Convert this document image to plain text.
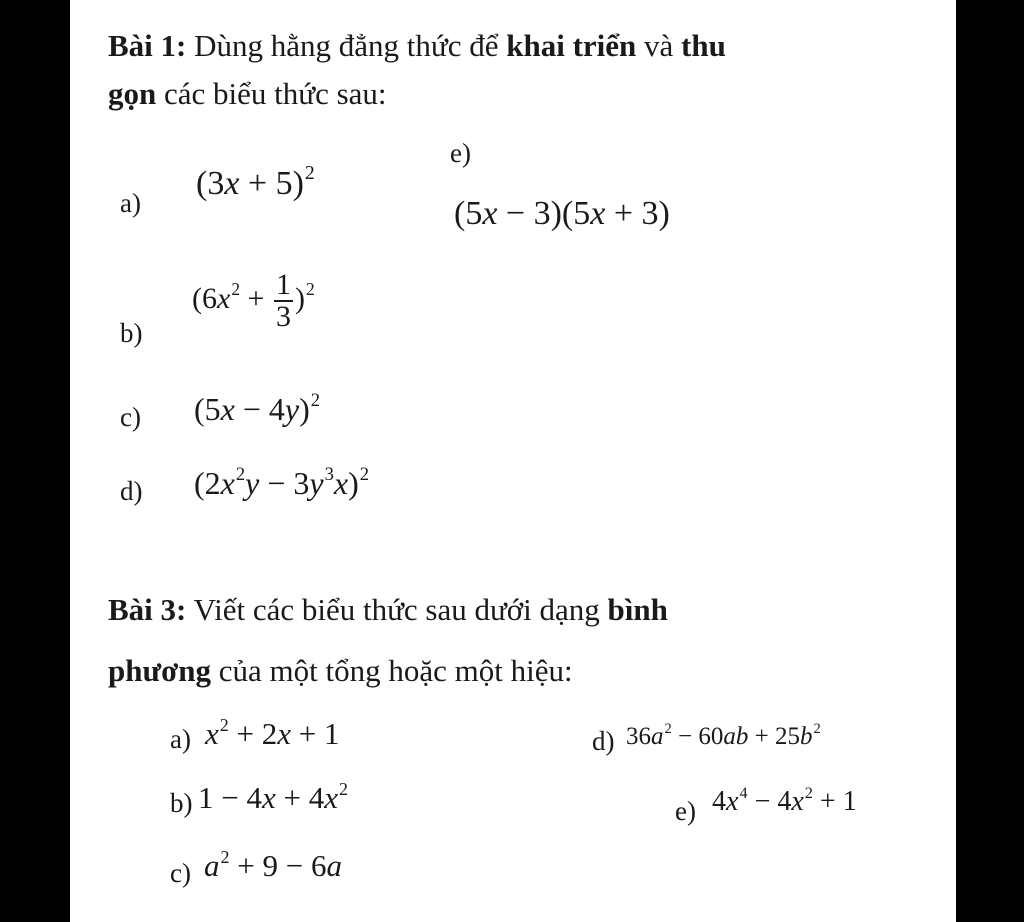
Bài 1: Dùng hằng đẳng thức để khai triển và thu
gọn các biểu thức sau:
a)
$(3x + 5)^2$
e)
(5x − 3)(5x + 3)
b)
$(6x^2 + \frac{1}{3} )^2$
c) $(5x - 4y)^2$
d) $(2x^2y - 3y^3x)^2$
Bài 3: Viết các biểu thức sau dưới dạng bình
phương của một tổng hoặc một hiệu:
a) $x^2 + 2x + 1$
b) $1 - 4x + 4x^2$
c) $a^2 + 9 - 6a$
d) $36a^2 - 60ab + 25b^2$
e) $4x^4 - 4x^2 + 1$
